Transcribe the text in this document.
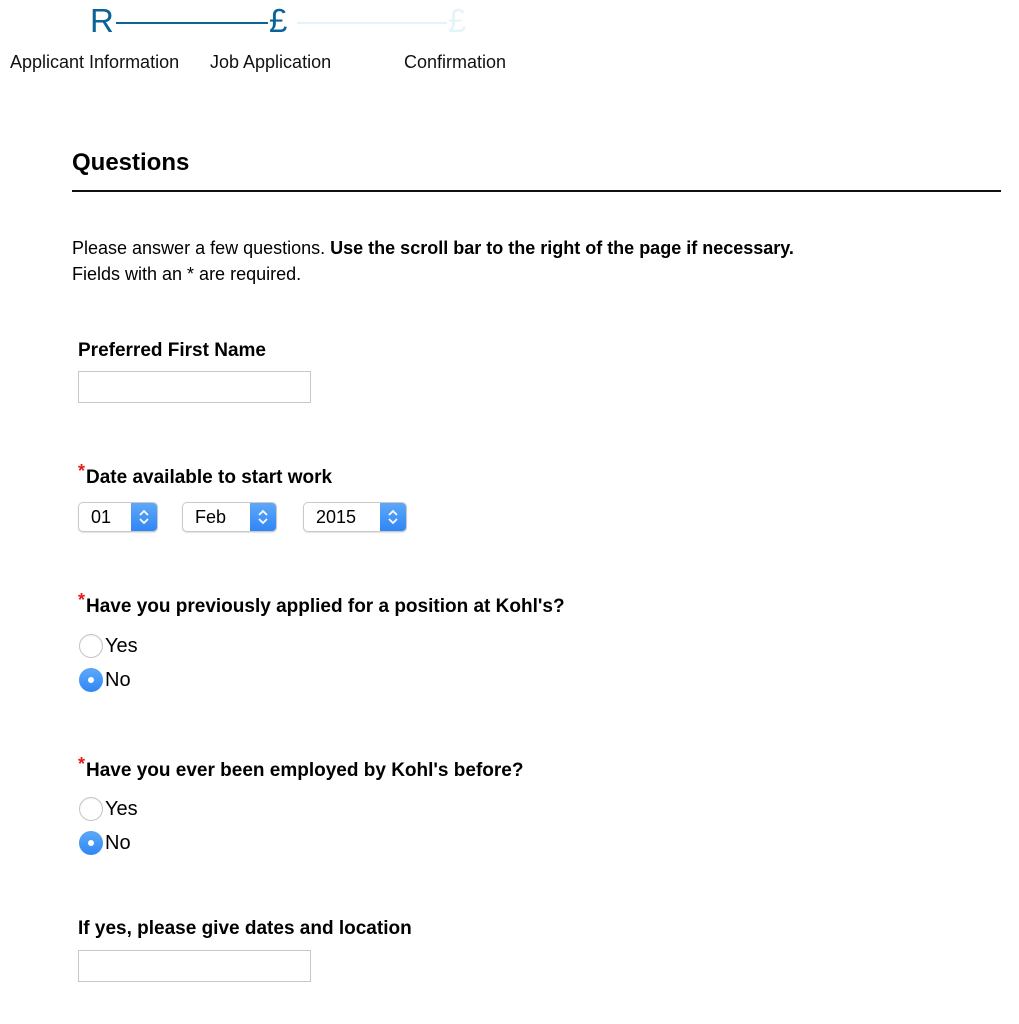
R	£	£
Applicant Information Job Application	Confirmation
Questions
Please answer a few questions. Use the scroll bar to the right of the page if necessary.
Fields with an * are required.
Preferred First Name
*Date available to start work
01	Feb	2015
*Have you previously applied for a position at Kohl's?
Yes
No
*Have you ever been employed by Kohl's before?
Yes
No
If yes, please give dates and location
